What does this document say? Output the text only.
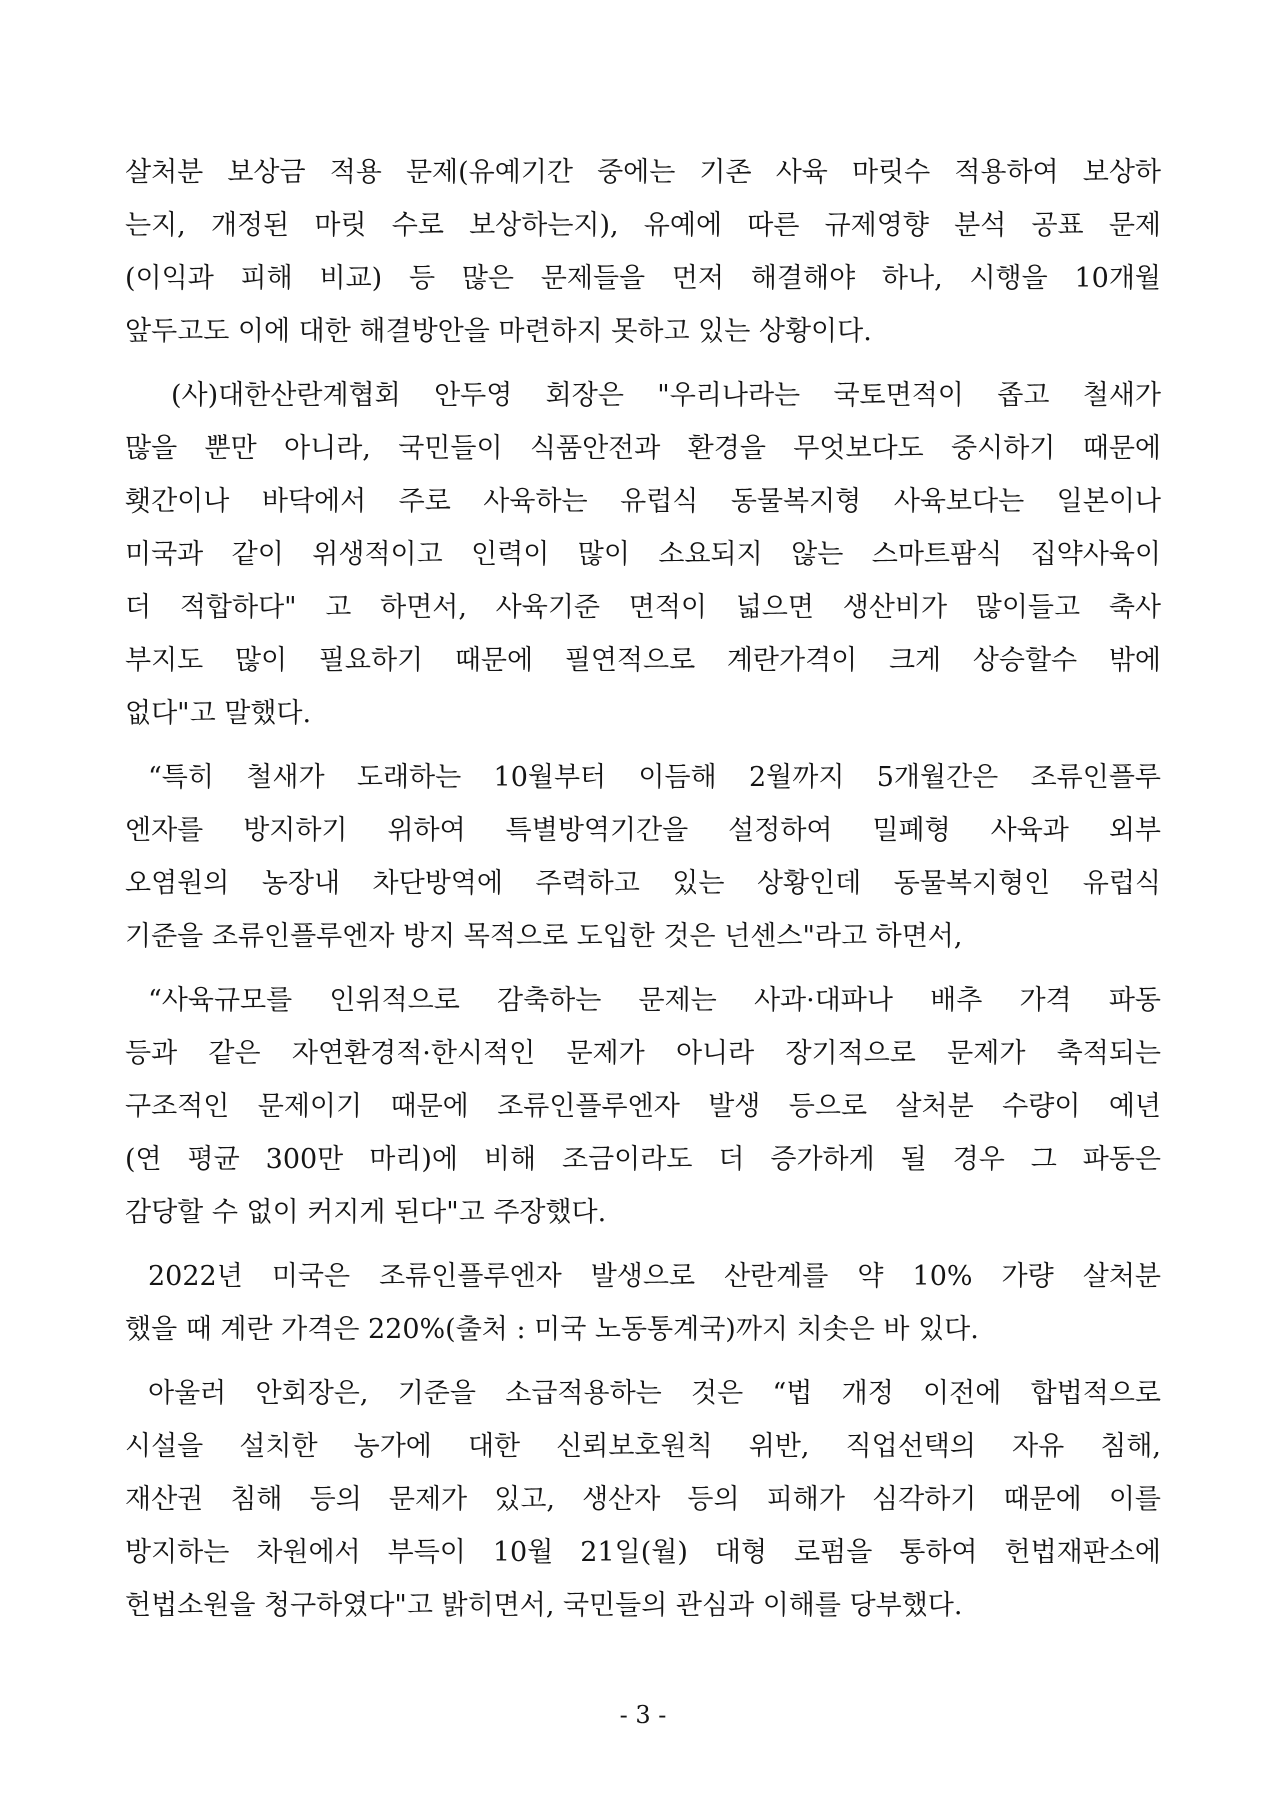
살처분 보상금 적용 문제(유예기간 중에는 기존 사육 마릿수 적용하여 보상하
는지, 개정된 마릿 수로 보상하는지), 유예에 따른 규제영향 분석 공표 문제
(이익과 피해 비교) 등 많은 문제들을 먼저 해결해야 하나, 시행을 10개월
앞두고도 이에 대한 해결방안을 마련하지 못하고 있는 상황이다.
(사)대한산란계협회 안두영 회장은 "우리나라는 국토면적이 좁고 철새가
많을 뿐만 아니라, 국민들이 식품안전과 환경을 무엇보다도 중시하기 때문에
횃간이나 바닥에서 주로 사육하는 유럽식 동물복지형 사육보다는 일본이나
미국과 같이 위생적이고 인력이 많이 소요되지 않는 스마트팜식 집약사육이
더 적합하다" 고 하면서, 사육기준 면적이 넓으면 생산비가 많이들고 축사
부지도 많이 필요하기 때문에 필연적으로 계란가격이 크게 상승할수 밖에
없다"고 말했다.
“특히 철새가 도래하는 10월부터 이듬해 2월까지 5개월간은 조류인플루
엔자를 방지하기 위하여 특별방역기간을 설정하여 밀폐형 사육과 외부
오염원의 농장내 차단방역에 주력하고 있는 상황인데 동물복지형인 유럽식
기준을 조류인플루엔자 방지 목적으로 도입한 것은 넌센스"라고 하면서,
“사육규모를 인위적으로 감축하는 문제는 사과·대파나 배추 가격 파동
등과 같은 자연환경적·한시적인 문제가 아니라 장기적으로 문제가 축적되는
구조적인 문제이기 때문에 조류인플루엔자 발생 등으로 살처분 수량이 예년
(연 평균 300만 마리)에 비해 조금이라도 더 증가하게 될 경우 그 파동은
감당할 수 없이 커지게 된다"고 주장했다.
2022년 미국은 조류인플루엔자 발생으로 산란계를 약 10% 가량 살처분
했을 때 계란 가격은 220%(출처 : 미국 노동통계국)까지 치솟은 바 있다.
아울러 안회장은, 기준을 소급적용하는 것은 “법 개정 이전에 합법적으로
시설을 설치한 농가에 대한 신뢰보호원칙 위반, 직업선택의 자유 침해,
재산권 침해 등의 문제가 있고, 생산자 등의 피해가 심각하기 때문에 이를
방지하는 차원에서 부득이 10월 21일(월) 대형 로펌을 통하여 헌법재판소에
헌법소원을 청구하였다"고 밝히면서, 국민들의 관심과 이해를 당부했다.
- 3 -
